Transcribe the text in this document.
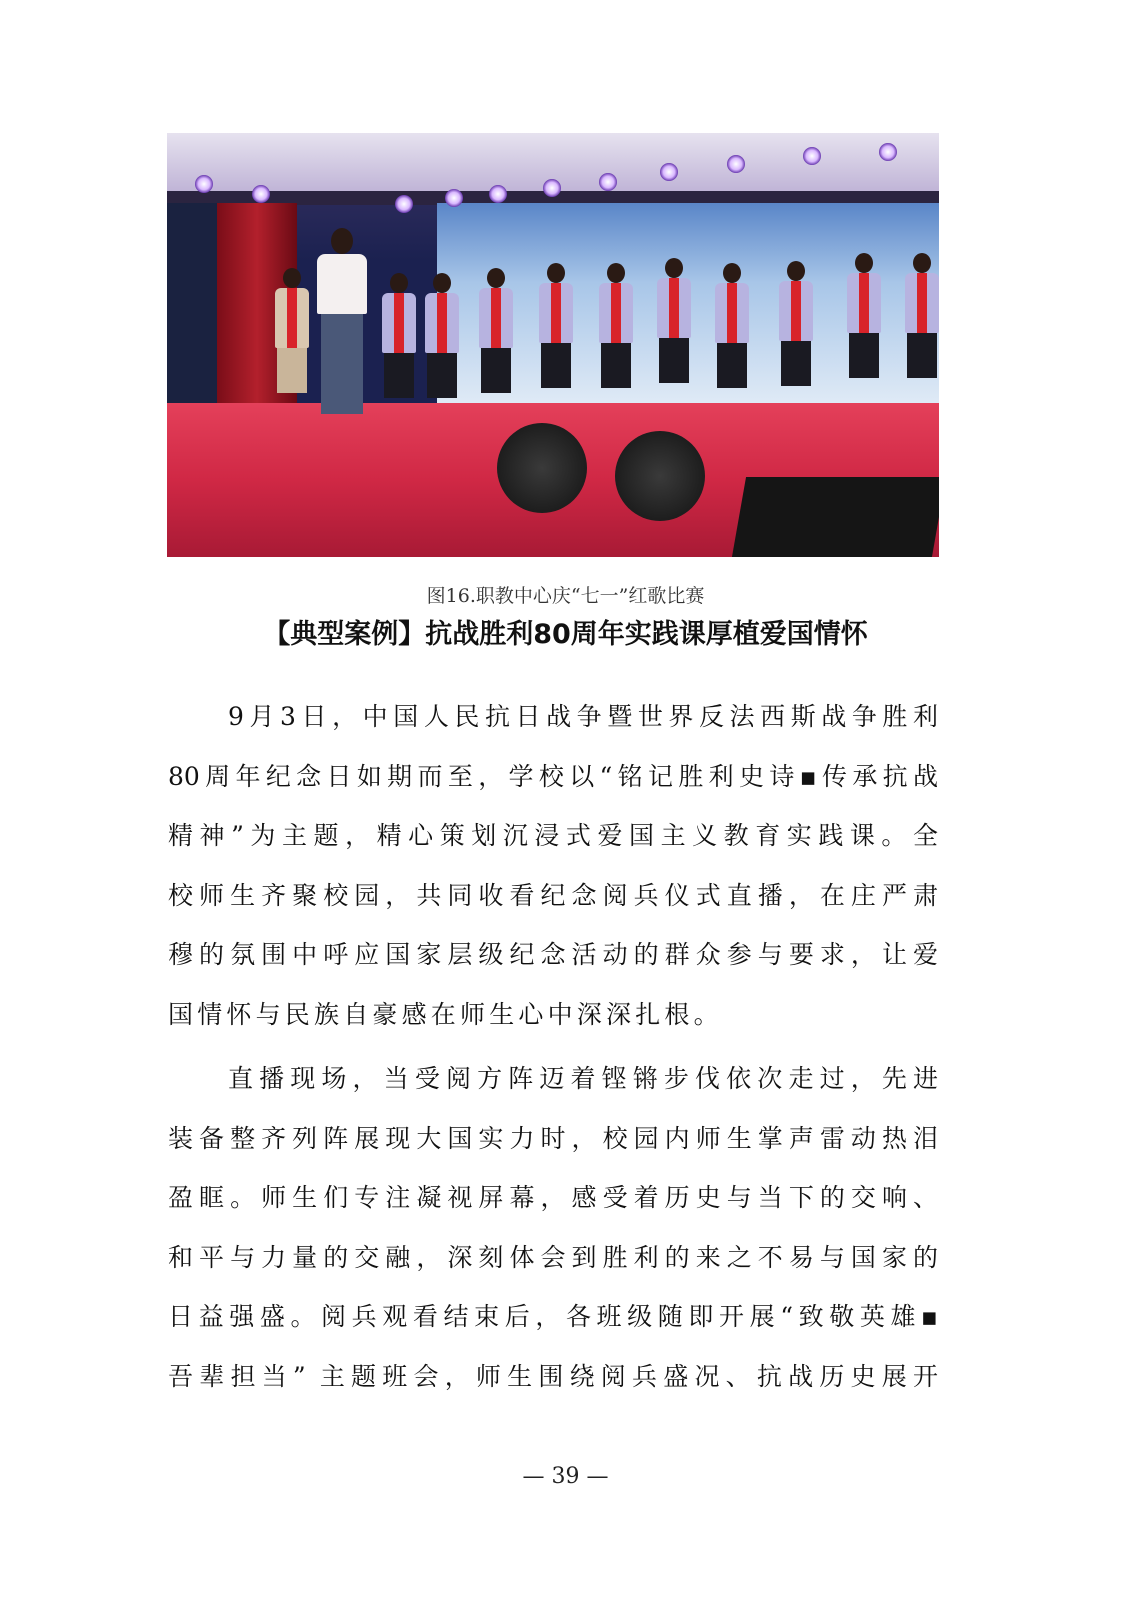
图16.职教中心庆“七一”红歌比赛
【典型案例】抗战胜利80周年实践课厚植爱国情怀
9月3日，中国人民抗日战争暨世界反法西斯战争胜利
80周年纪念日如期而至，学校以“铭记胜利史诗▪传承抗战
精神”为主题，精心策划沉浸式爱国主义教育实践课。全
校师生齐聚校园，共同收看纪念阅兵仪式直播，在庄严肃
穆的氛围中呼应国家层级纪念活动的群众参与要求，让爱
国情怀与民族自豪感在师生心中深深扎根。
直播现场，当受阅方阵迈着铿锵步伐依次走过，先进
装备整齐列阵展现大国实力时，校园内师生掌声雷动热泪
盈眶。师生们专注凝视屏幕，感受着历史与当下的交响、
和平与力量的交融，深刻体会到胜利的来之不易与国家的
日益强盛。阅兵观看结束后，各班级随即开展“致敬英雄▪
吾辈担当” 主题班会，师生围绕阅兵盛况、抗战历史展开
— 39 —
